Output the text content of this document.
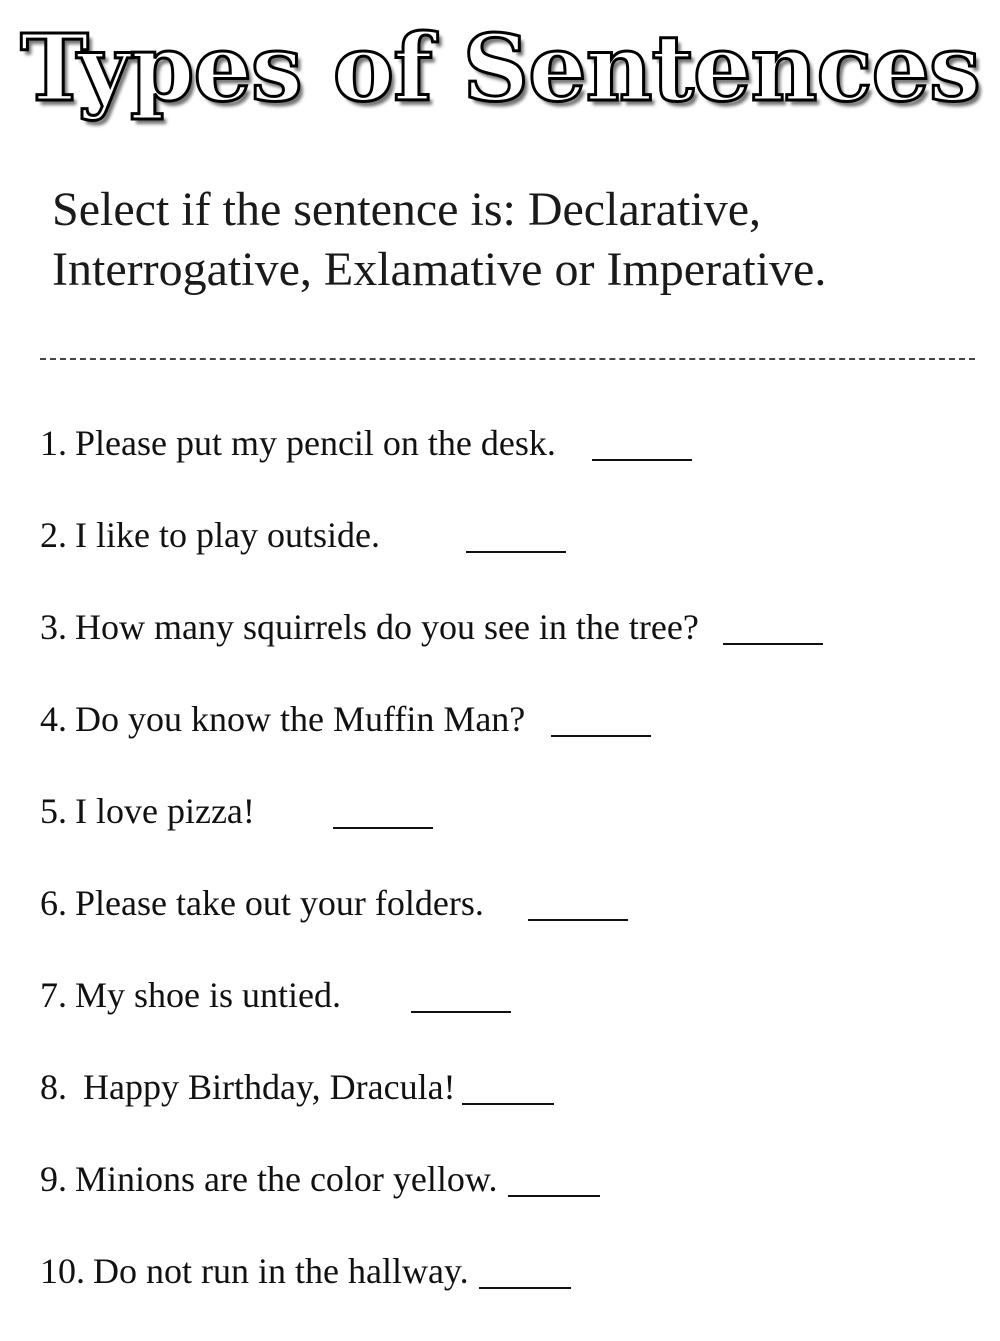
Types of Sentences
Select if the sentence is: Declarative,
Interrogative, Exlamative or Imperative.
1. Please put my pencil on the desk.
2. I like to play outside.
3. How many squirrels do you see in the tree?
4. Do you know the Muffin Man?
5. I love pizza!
6. Please take out your folders.
7. My shoe is untied.
8. Happy Birthday, Dracula!
9. Minions are the color yellow.
10. Do not run in the hallway.
